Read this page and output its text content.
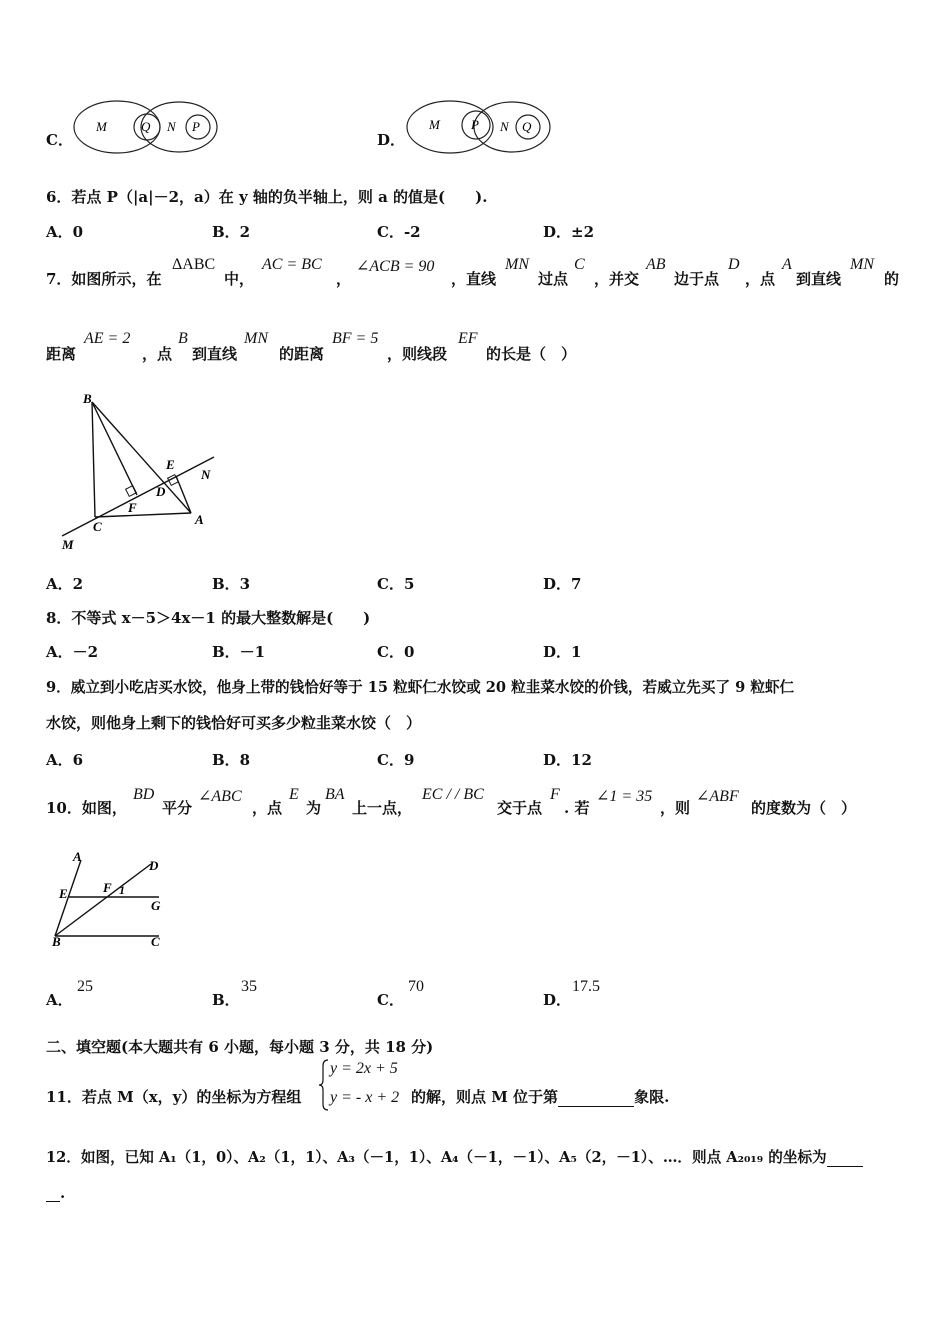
C．
M	Q N P
D．
M P N Q
6．若点 P（|a|－2，a）在 y 轴的负半轴上，则 a 的值是(　　).
A．0	B．2	C．-2	D．±2
7．如图所示，在
ΔABC
中，
AC = BC
，
∠ACB = 90
，直线
MN
过点
C
，并交
AB
边于点
D
，点
A
到直线
MN
的
距离
AE = 2
，点
B
到直线
MN
的距离
BF = 5
，则线段
EF
的长是（　）
B
E
N
D
F
C	A
M
A．2	B．3	C．5	D．7
8．不等式 x－5＞4x－1 的最大整数解是(　　)
A．－2	B．－1	C．0	D．1
9．威立到小吃店买水饺，他身上带的钱恰好等于 15 粒虾仁水饺或 20 粒韭菜水饺的价钱，若威立先买了 9 粒虾仁
水饺，则他身上剩下的钱恰好可买多少粒韭菜水饺（　）
A．6	B．8	C．9	D．12
10．如图，
BD
平分
∠ABC
，点
E
为
BA
上一点，
EC / / BC
交于点
F
. 若
∠1 = 35
，则
∠ABF
的度数为（　）
A
D
E	F 1
G
B	C
A．
25
B．
35
C．
70
D．
17.5
二、填空题(本大题共有 6 小题，每小题 3 分，共 18 分)
11．若点 M（x，y）的坐标为方程组
y = 2x + 5
y = - x + 2 的解，则点 M 位于第	象限.
12．如图，已知 A₁（1，0）、A₂（1，1）、A₃（－1，1）、A₄（－1，－1）、A₅（2，－1）、…．则点 A₂₀₁₉ 的坐标为
.
